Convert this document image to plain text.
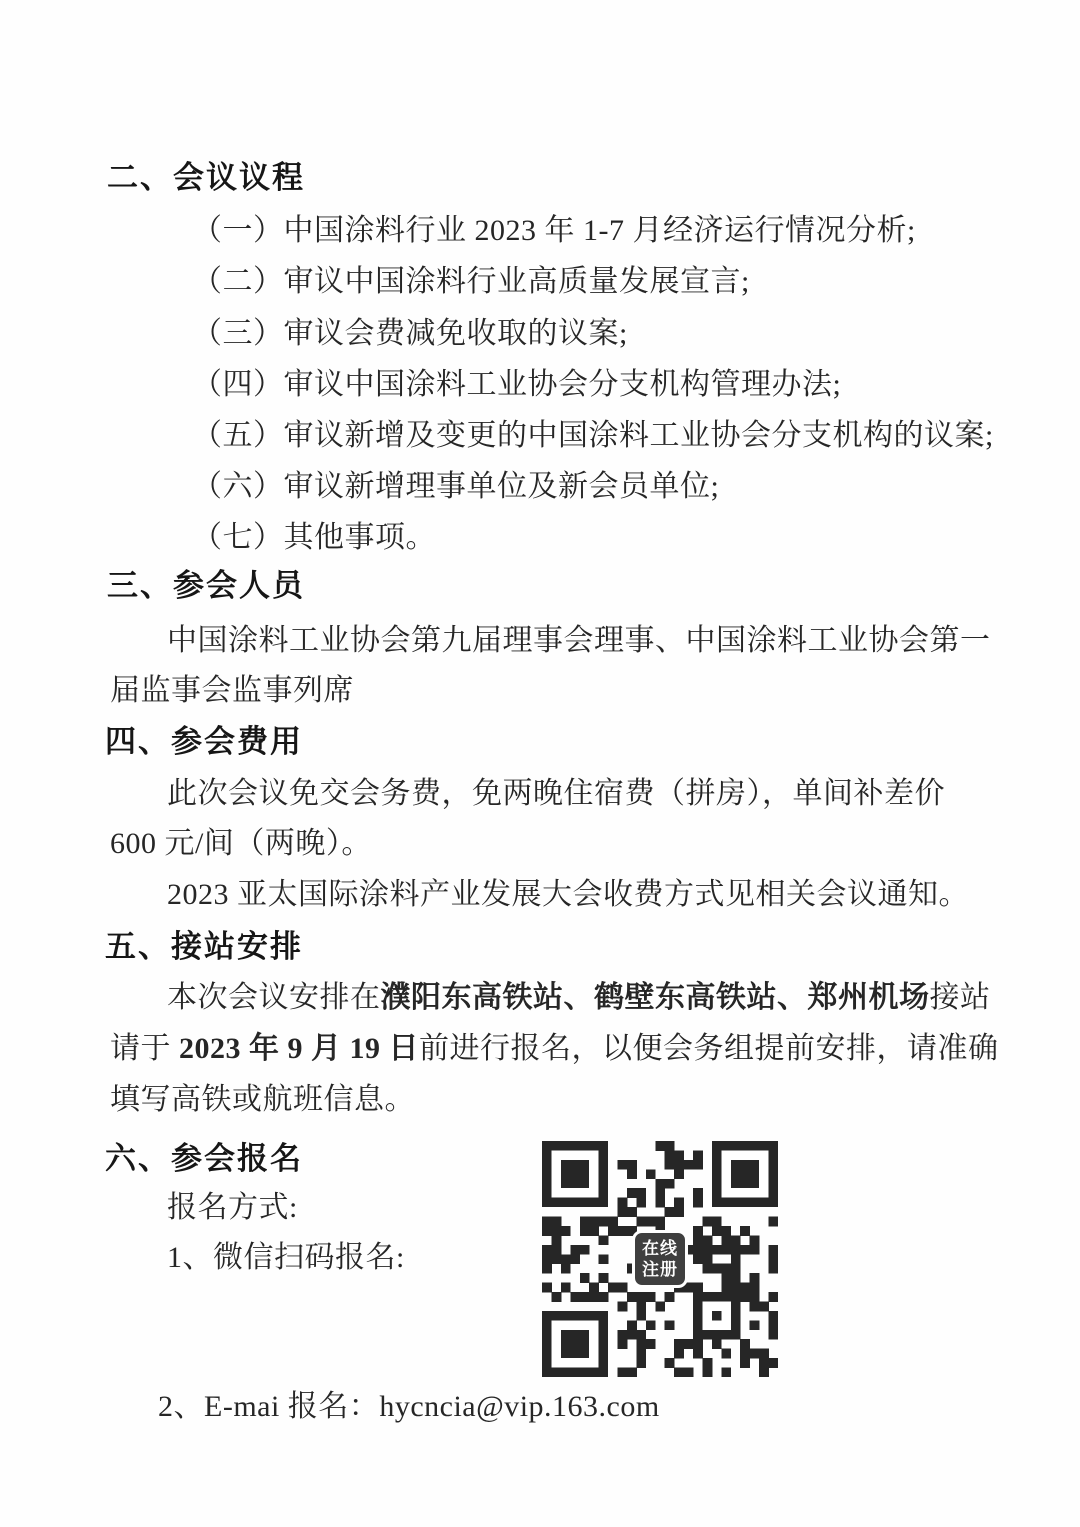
二、会议议程
（一）中国涂料行业 2023 年 1-7 月经济运行情况分析;
（二）审议中国涂料行业高质量发展宣言;
（三）审议会费减免收取的议案;
（四）审议中国涂料工业协会分支机构管理办法;
（五）审议新增及变更的中国涂料工业协会分支机构的议案;
（六）审议新增理事单位及新会员单位;
（七）其他事项。
三、参会人员
中国涂料工业协会第九届理事会理事、中国涂料工业协会第一
届监事会监事列席
四、参会费用
此次会议免交会务费，免两晚住宿费（拼房），单间补差价
600 元/间（两晚）。
2023 亚太国际涂料产业发展大会收费方式见相关会议通知。
五、接站安排
本次会议安排在濮阳东高铁站、鹤壁东高铁站、郑州机场接站
请于 2023 年 9 月 19 日前进行报名，以便会务组提前安排，请准确
填写高铁或航班信息。
六、参会报名
报名方式:
1、微信扫码报名:	在线
注册
2、E-mai 报名：hycncia@vip.163.com
